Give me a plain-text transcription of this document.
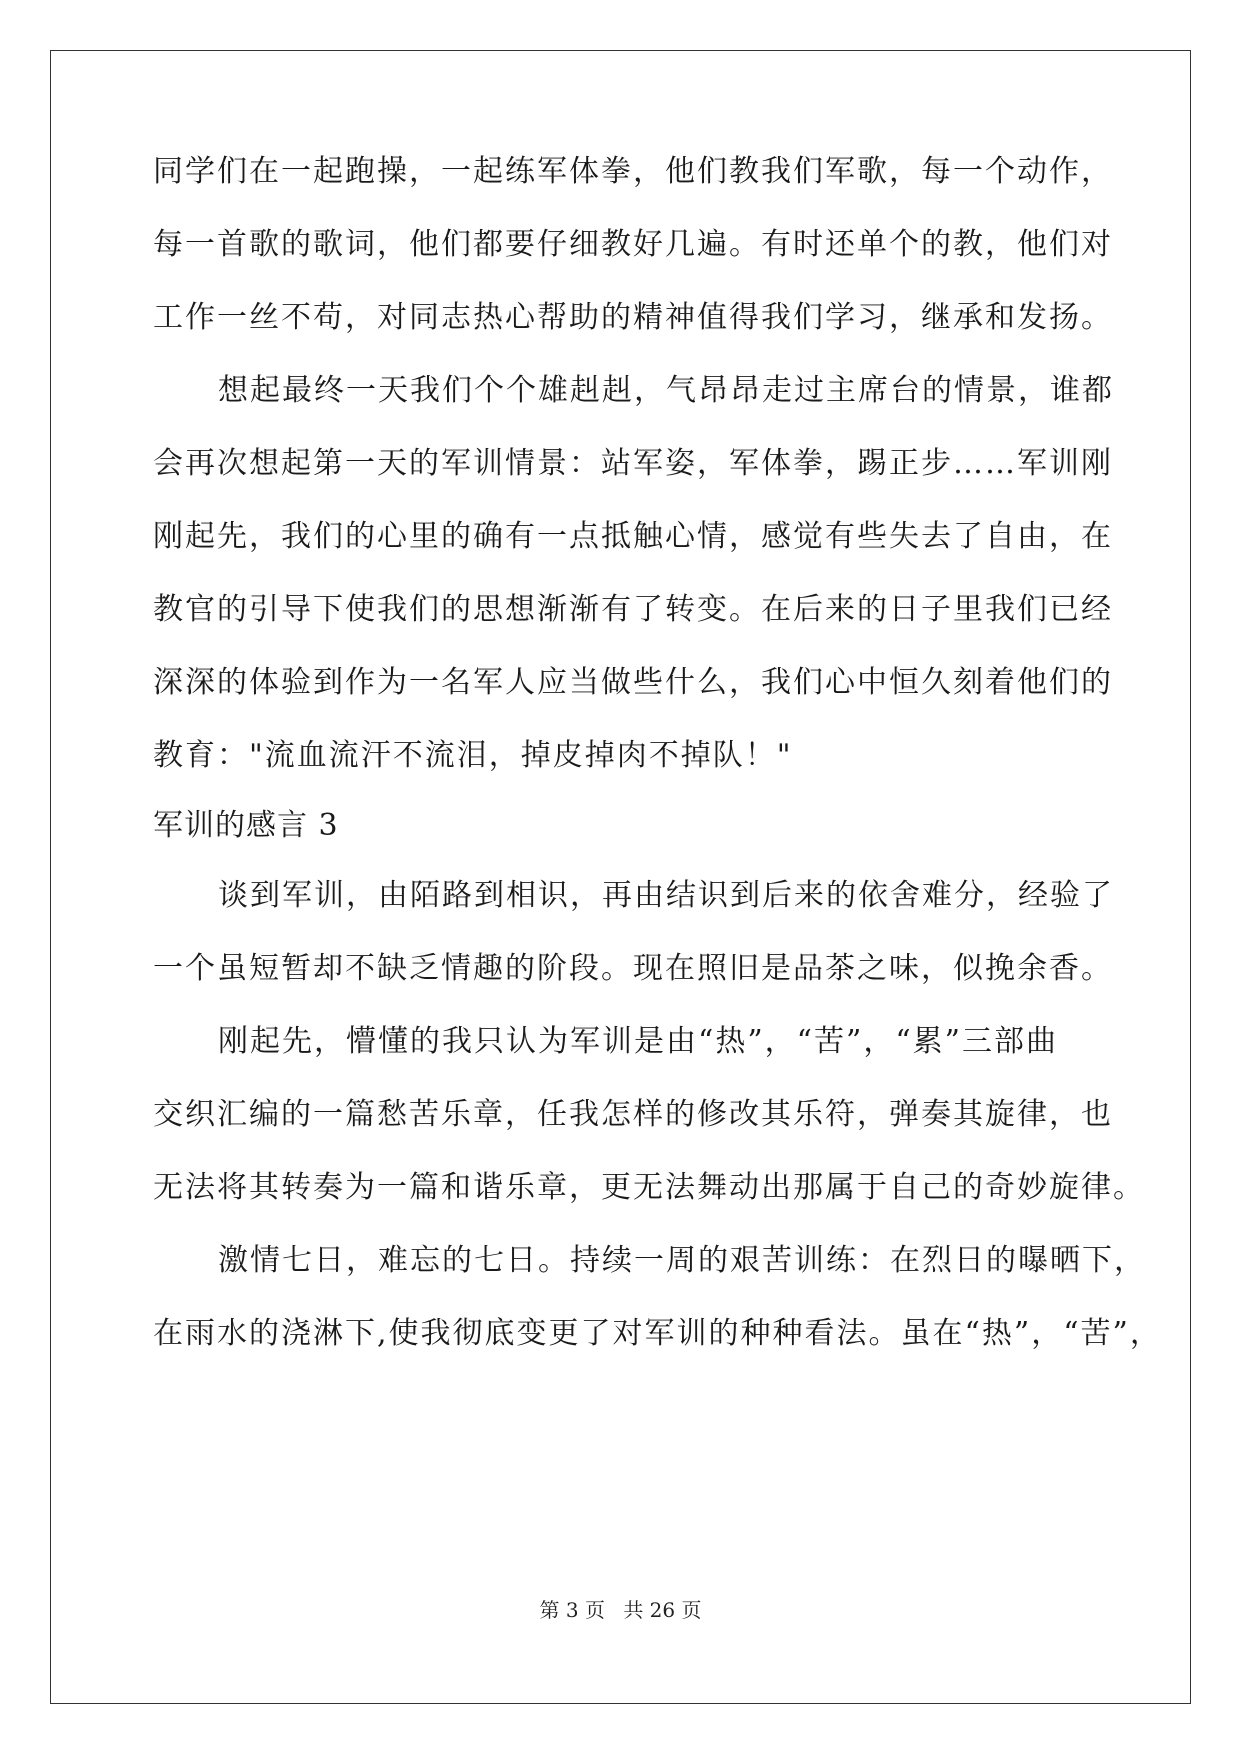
同学们在一起跑操，一起练军体拳，他们教我们军歌，每一个动作，
每一首歌的歌词，他们都要仔细教好几遍。有时还单个的教，他们对
工作一丝不苟，对同志热心帮助的精神值得我们学习，继承和发扬。
想起最终一天我们个个雄赳赳，气昂昂走过主席台的情景，谁都
会再次想起第一天的军训情景：站军姿，军体拳，踢正步……军训刚
刚起先，我们的心里的确有一点抵触心情，感觉有些失去了自由，在
教官的引导下使我们的思想渐渐有了转变。在后来的日子里我们已经
深深的体验到作为一名军人应当做些什么，我们心中恒久刻着他们的
教育："流血流汗不流泪，掉皮掉肉不掉队！"
军训的感言 3
谈到军训，由陌路到相识，再由结识到后来的依舍难分，经验了
一个虽短暂却不缺乏情趣的阶段。现在照旧是品茶之味，似挽余香。
刚起先，懵懂的我只认为军训是由“热”，“苦”，“累”三部曲
交织汇编的一篇愁苦乐章，任我怎样的修改其乐符，弹奏其旋律，也
无法将其转奏为一篇和谐乐章，更无法舞动出那属于自己的奇妙旋律。
激情七日，难忘的七日。持续一周的艰苦训练：在烈日的曝晒下，
在雨水的浇淋下,使我彻底变更了对军训的种种看法。虽在“热”，“苦”，
第 3 页 共 26 页
